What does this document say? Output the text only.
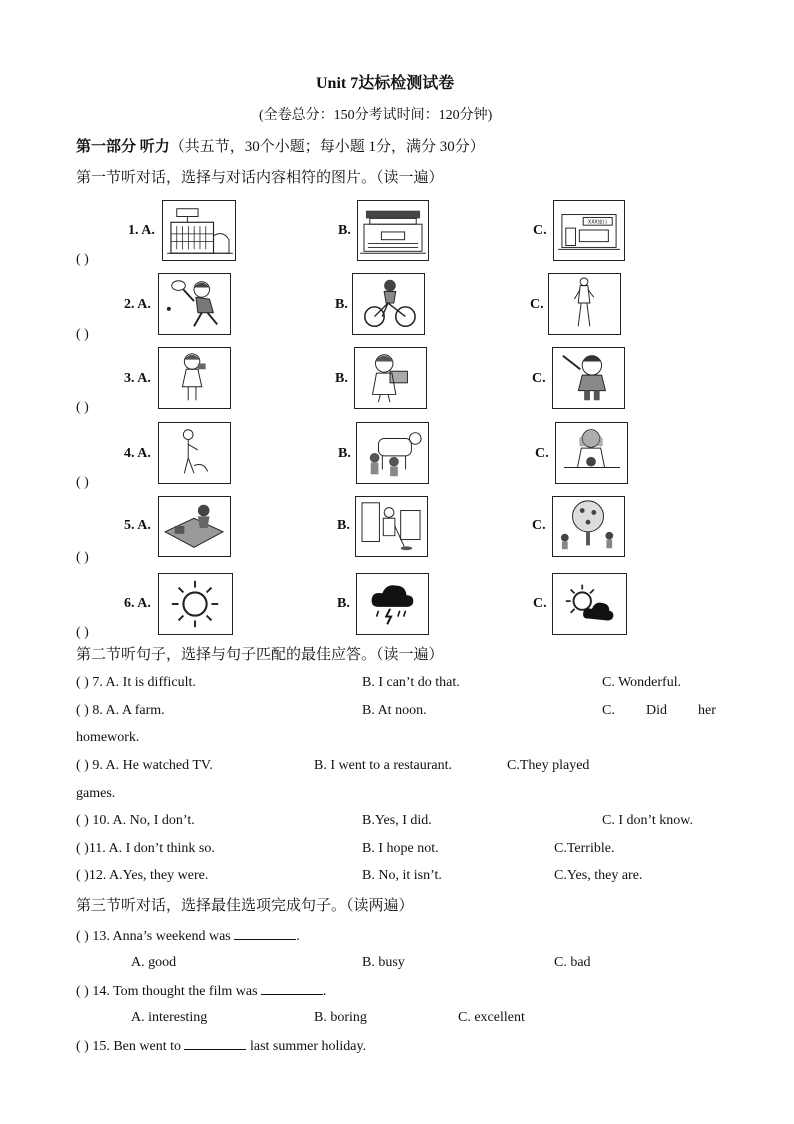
Unit 7达标检测试卷
(全卷总分：150分考试时间：120分钟)
第一部分 听力（共五节，30个小题；每小题 1分，满分 30分）
第一节听对话，选择与对话内容相符的图片。（读一遍）
1. A.	B.	C.	XXX银行
( )
2. A.	B.	C.
( )
3. A.	B.	C.
( )
4. A.	B.	C.
( )
5. A.	B.	C.
( )
6. A.	B.	C.
( )
第二节听句子，选择与句子匹配的最佳应答。（读一遍）
( ) 7. A. It is difficult.	B. I can’t do that.	C. Wonderful.
( ) 8. A. A farm.	B. At noon.	C. Did her
homework.
( ) 9. A. He watched TV.	B. I went to a restaurant.	C.They played
games.
( ) 10. A. No, I don’t.	B.Yes, I did.	C. I don’t know.
( )11. A. I don’t think so.	B. I hope not.	C.Terrible.
( )12. A.Yes, they were.	B. No, it isn’t.	C.Yes, they are.
第三节听对话，选择最佳选项完成句子。（读两遍）
( ) 13. Anna’s weekend was	.
A. good	B. busy	C. bad
( ) 14. Tom thought the film was	.
A. interesting	B. boring	C. excellent
( ) 15. Ben went to	last summer holiday.
